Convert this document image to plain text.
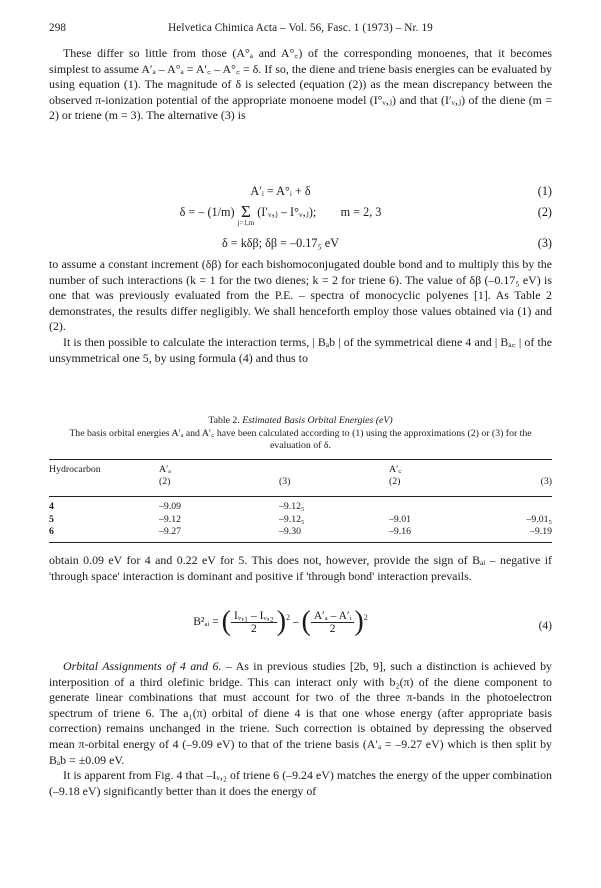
298	Helvetica Chimica Acta – Vol. 56, Fasc. 1 (1973) – Nr. 19

These differ so little from those (A°ₐ and A°꜀) of the corresponding monoenes, that it becomes simplest to assume A′ₐ – A°ₐ = A′꜀ – A°꜀ = δ. If so, the diene and triene basis energies can be evaluated by using equation (1). The magnitude of δ is selected (equation (2)) as the mean discrepancy between the observed π-ionization potential of the appropriate monoene model (I°ᵥ,ⱼ) and that (I′ᵥ,ⱼ) of the diene (m = 2) or triene (m = 3). The alternative (3) is

A′ᵢ = A°ᵢ + δ	(1)
δ = – (1/m) Σ
j=1,m (I′ᵥ,ⱼ – I°ᵥ,ⱼ); m = 2, 3	(2)
δ = kδβ; δβ = –0.17₅ eV	(3)

to assume a constant increment (δβ) for each bishomoconjugated double bond and to multiply this by the number of such interactions (k = 1 for the two dienes; k = 2 for triene 6). The value of δβ (–0.17₅ eV) is one that was previously evaluated from the P.E. – spectra of monocyclic polyenes [1]. As Table 2 demonstrates, the results differ negligibly. We shall henceforth employ those values obtained via (1) and (2).

It is then possible to calculate the interaction terms, | Bₐb | of the symmetrical diene 4 and | Bₐ꜀ | of the unsymmetrical one 5, by using formula (4) and thus to

Table 2. Estimated Basis Orbital Energies (eV)
The basis orbital energies A′ₐ and A′꜀ have been calculated according to (1) using the approximations (2) or (3) for the evaluation of δ.
Hydrocarbon	A′ₐ		A′꜀	
	(2)	(3)	(2)	(3)

4	–9.09	–9.12₅		
5	–9.12	–9.12₅	–9.01	–9.01₅
6	–9.27	–9.30	–9.16	–9.19

obtain 0.09 eV for 4 and 0.22 eV for 5. This does not, however, provide the sign of Bₐᵢ – negative if 'through space' interaction is dominant and positive if 'through bond' interaction prevails.

B²ₐᵢ = ( $\frac{\text{Iᵥ,₁ – Iᵥ,₂}}{2} )^2$ – ( $\frac{\text{A′ₐ – A′ᵢ}}{2} )^2$
(4)

Orbital Assignments of 4 and 6. – As in previous studies [2b, 9], such a distinction is achieved by interposition of a third olefinic bridge. This can interact only with b₂(π) of the diene component to generate linear combinations that must account for two of the three π-bands in the photoelectron spectrum of triene 6. The a₁(π) orbital of diene 4 is that one whose energy (after appropriate basis correction) remains unchanged in the triene. Such correction is obtained by depressing the observed mean π-orbital energy of 4 (–9.09 eV) to that of the triene basis (A′ₐ = –9.27 eV) which is then split by Bₐb = ±0.09 eV.

It is apparent from Fig. 4 that –Iᵥ,₂ of triene 6 (–9.24 eV) matches the energy of the upper combination (–9.18 eV) significantly better than it does the energy of
